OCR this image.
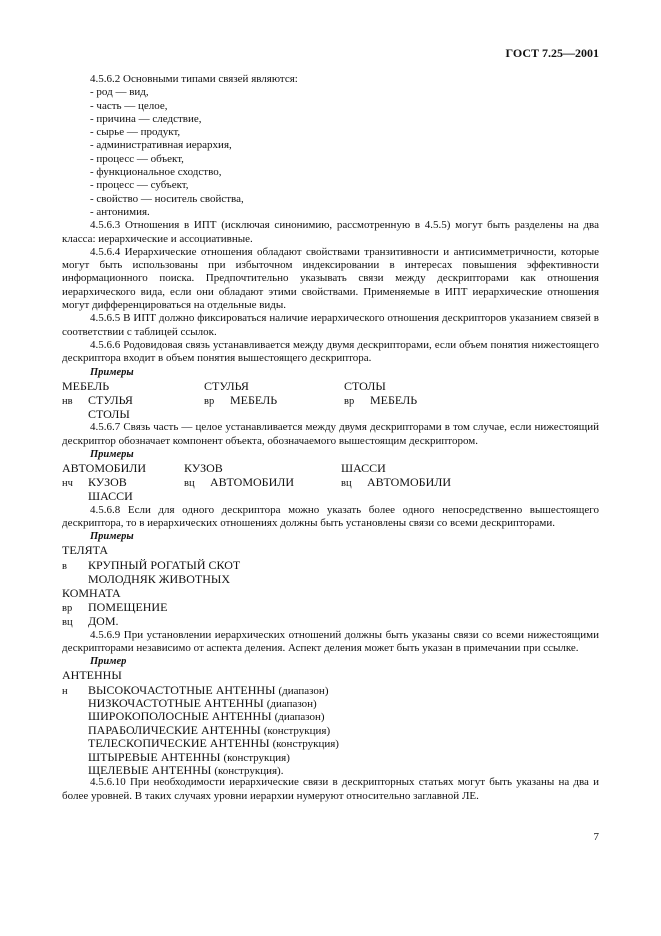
ГОСТ 7.25—2001

4.5.6.2 Основными типами связей являются:

- род — вид,

- часть — целое,

- причина — следствие,

- сырье — продукт,

- административная иерархия,

- процесс — объект,

- функциональное сходство,

- процесс — субъект,

- свойство — носитель свойства,

- антонимия.

4.5.6.3 Отношения в ИПТ (исключая синонимию, рассмотренную в 4.5.5) могут быть разделены на два класса: иерархические и ассоциативные.

4.5.6.4 Иерархические отношения обладают свойствами транзитивности и антисимметричности, которые могут быть использованы при избыточном индексировании в интересах повышения эффективности информационного поиска. Предпочтительно указывать связи между дескрипторами как отношения иерархического вида, если они обладают этими свойствами. Применяемые в ИПТ иерархические отношения могут дифференцироваться на отдельные виды.

4.5.6.5 В ИПТ должно фиксироваться наличие иерархического отношения дескрипторов указанием связей в соответствии с таблицей ссылок.

4.5.6.6 Родовидовая связь устанавливается между двумя дескрипторами, если объем понятия нижестоящего дескриптора входит в объем понятия вышестоящего дескриптора.

Примеры

МЕБЕЛЬ	СТУЛЬЯ	СТОЛЫ
нв	СТУЛЬЯ	вр	МЕБЕЛЬ	вр	МЕБЕЛЬ
СТОЛЫ

4.5.6.7 Связь часть — целое устанавливается между двумя дескрипторами в том случае, если нижестоящий дескриптор обозначает компонент объекта, обозначаемого вышестоящим дескриптором.

Примеры

АВТОМОБИЛИ	КУЗОВ	ШАССИ
нч	КУЗОВ	вц	АВТОМОБИЛИ	вц	АВТОМОБИЛИ
ШАССИ

4.5.6.8 Если для одного дескриптора можно указать более одного непосредственно вышестоящего дескриптора, то в иерархических отношениях должны быть установлены связи со всеми дескрипторами.

Примеры

ТЕЛЯТА
в	КРУПНЫЙ РОГАТЫЙ СКОТ
МОЛОДНЯК ЖИВОТНЫХ
КОМНАТА
вр	ПОМЕЩЕНИЕ
вц	ДОМ.

4.5.6.9 При установлении иерархических отношений должны быть указаны связи со всеми нижестоящими дескрипторами независимо от аспекта деления. Аспект деления может быть указан в примечании при ссылке.

Пример

АНТЕННЫ
н	ВЫСОКОЧАСТОТНЫЕ АНТЕННЫ
(диапазон)
НИЗКОЧАСТОТНЫЕ АНТЕННЫ
(диапазон)
ШИРОКОПОЛОСНЫЕ АНТЕННЫ
(диапазон)
ПАРАБОЛИЧЕСКИЕ АНТЕННЫ
(конструкция)
ТЕЛЕСКОПИЧЕСКИЕ АНТЕННЫ
(конструкция)
ШТЫРЕВЫЕ АНТЕННЫ
(конструкция)
ЩЕЛЕВЫЕ АНТЕННЫ
(конструкция).

4.5.6.10 При необходимости иерархические связи в дескрипторных статьях могут быть указаны на два и более уровней. В таких случаях уровни иерархии нумеруют относительно заглавной ЛЕ.

7
